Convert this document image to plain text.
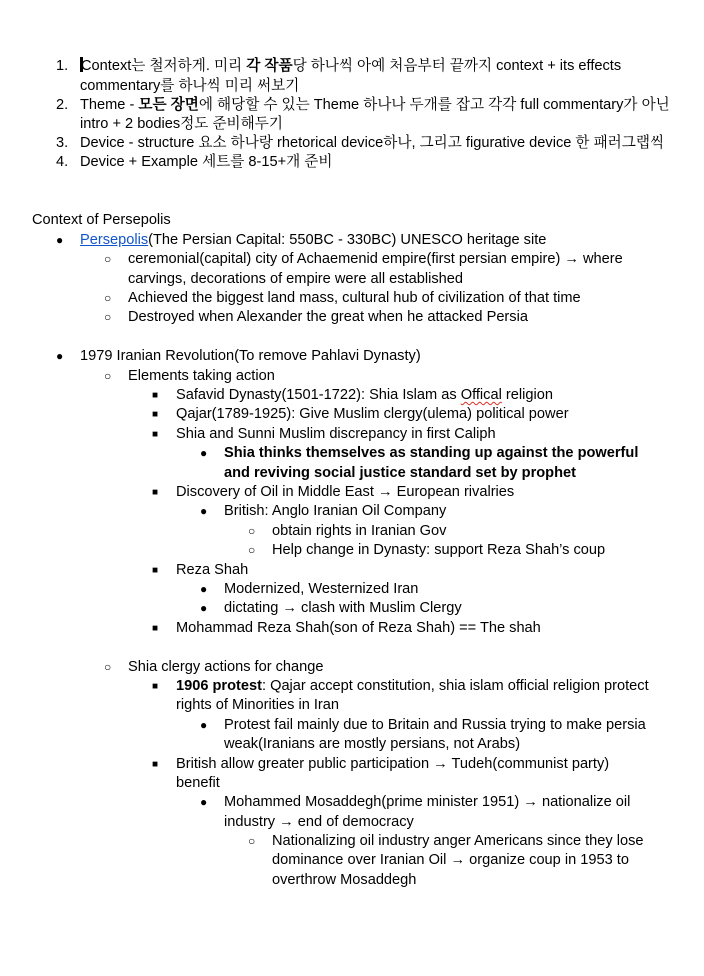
1. Context는 철저하게. 미리 각 작품당 하나씩 아예 처음부터 끝까지 context + its effects
commentary를 하나씩 미리 써보기
2. Theme - 모든 장면에 해당할 수 있는 Theme 하나나 두개를 잡고 각각 full commentary가 아닌
intro + 2 bodies정도 준비해두기
3. Device - structure 요소 하나랑 rhetorical device하나, 그리고 figurative device 한 패러그랩씩
4. Device + Example 세트를 8-15+개 준비
Context of Persepolis
● Persepolis(The Persian Capital: 550BC - 330BC) UNESCO heritage site
○ ceremonial(capital) city of Achaemenid empire(first persian empire) → where
carvings, decorations of empire were all established
○ Achieved the biggest land mass, cultural hub of civilization of that time
○ Destroyed when Alexander the great when he attacked Persia
● 1979 Iranian Revolution(To remove Pahlavi Dynasty)
○ Elements taking action
■ Safavid Dynasty(1501-1722): Shia Islam as Offical religion
■ Qajar(1789-1925): Give Muslim clergy(ulema) political power
■ Shia and Sunni Muslim discrepancy in first Caliph
● Shia thinks themselves as standing up against the powerful
and reviving social justice standard set by prophet
■ Discovery of Oil in Middle East → European rivalries
● British: Anglo Iranian Oil Company
○ obtain rights in Iranian Gov
○ Help change in Dynasty: support Reza Shah’s coup
■ Reza Shah
● Modernized, Westernized Iran
● dictating → clash with Muslim Clergy
■ Mohammad Reza Shah(son of Reza Shah) == The shah
○ Shia clergy actions for change
■ 1906 protest: Qajar accept constitution, shia islam official religion protect
rights of Minorities in Iran
● Protest fail mainly due to Britain and Russia trying to make persia
weak(Iranians are mostly persians, not Arabs)
■ British allow greater public participation → Tudeh(communist party)
benefit
● Mohammed Mosaddegh(prime minister 1951) → nationalize oil
industry → end of democracy
○ Nationalizing oil industry anger Americans since they lose
dominance over Iranian Oil → organize coup in 1953 to
overthrow Mosaddegh
